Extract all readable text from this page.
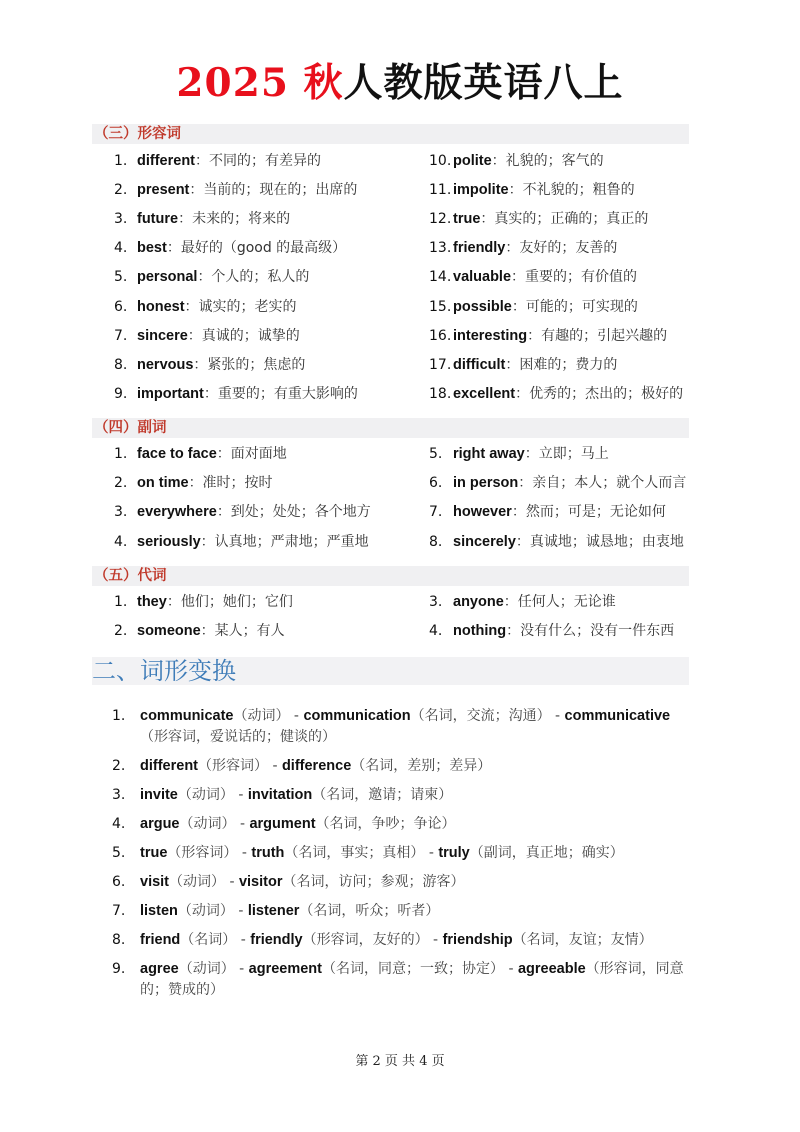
2025 秋人教版英语八上
（三）形容词
1. different：不同的；有差异的
2. present：当前的；现在的；出席的
3. future：未来的；将来的
4. best：最好的（good 的最高级）
5. personal：个人的；私人的
6. honest：诚实的；老实的
7. sincere：真诚的；诚挚的
8. nervous：紧张的；焦虑的
9. important：重要的；有重大影响的
10. polite：礼貌的；客气的
11. impolite：不礼貌的；粗鲁的
12. true：真实的；正确的；真正的
13. friendly：友好的；友善的
14. valuable：重要的；有价值的
15. possible：可能的；可实现的
16. interesting：有趣的；引起兴趣的
17. difficult：困难的；费力的
18. excellent：优秀的；杰出的；极好的
（四）副词
1. face to face：面对面地
2. on time：准时；按时
3. everywhere：到处；处处；各个地方
4. seriously：认真地；严肃地；严重地
5. right away：立即；马上
6. in person：亲自；本人；就个人而言
7. however：然而；可是；无论如何
8. sincerely：真诚地；诚恳地；由衷地
（五）代词
1. they：他们；她们；它们
2. someone：某人；有人
3. anyone：任何人；无论谁
4. nothing：没有什么；没有一件东西
二、词形变换
1. communicate（动词） - communication（名词，交流；沟通） - communicative（形容词，爱说话的；健谈的）
2. different（形容词） - difference（名词，差别；差异）
3. invite（动词） - invitation（名词，邀请；请柬）
4. argue（动词） - argument（名词，争吵；争论）
5. true（形容词） - truth（名词，事实；真相） - truly（副词，真正地；确实）
6. visit（动词） - visitor（名词，访问；参观；游客）
7. listen（动词） - listener（名词，听众；听者）
8. friend（名词） - friendly（形容词，友好的） - friendship（名词，友谊；友情）
9. agree（动词） - agreement（名词，同意；一致；协定） - agreeable（形容词，同意的；赞成的）
第 2 页 共 4 页
